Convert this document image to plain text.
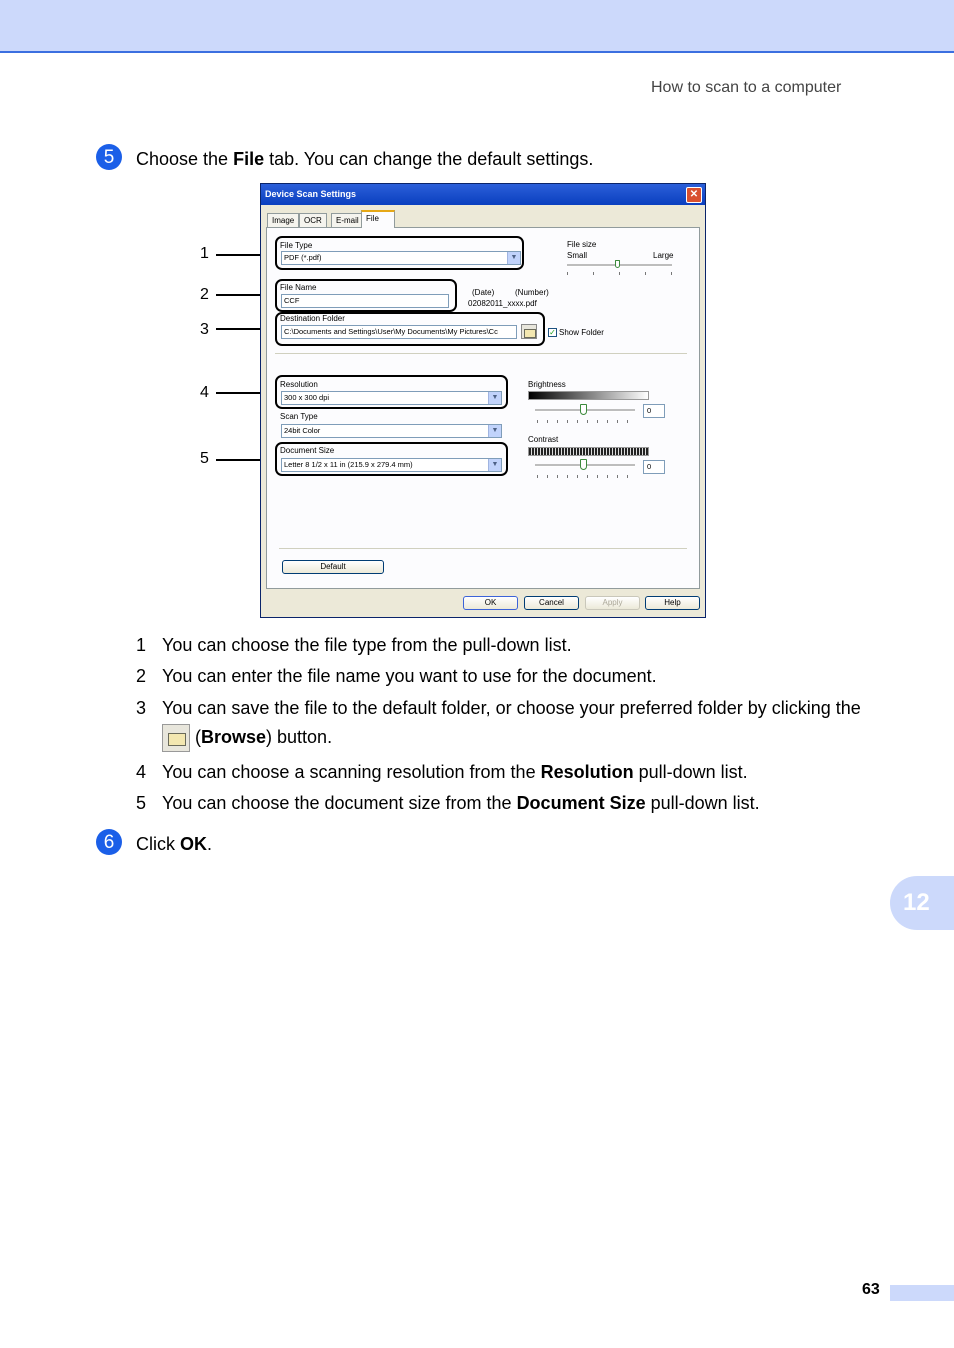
How to scan to a computer
5	Choose the File tab. You can change the default settings.
1
2
3
4
5
Device Scan Settings	✕
Image	OCR	E-mail File
File Type
PDF (*.pdf)	▼
File size
Small	Large
File Name
CCF
(Date)	(Number)
02082011_xxxx.pdf
Destination Folder
C:\Documents and Settings\User\My Documents\My Pictures\Cc	✓ Show Folder
Resolution
300 x 300 dpi	▼
Scan Type
24bit Color	▼
Document Size
Letter 8 1/2 x 11 in (215.9 x 279.4 mm)	▼
Brightness
0
Contrast
0
Default
OK	Cancel	Apply	Help
1 You can choose the file type from the pull-down list.
2 You can enter the file name you want to use for the document.
3 You can save the file to the default folder, or choose your preferred folder by clicking the
(Browse) button.
4 You can choose a scanning resolution from the Resolution pull-down list.
5 You can choose the document size from the Document Size pull-down list.
6	Click OK.
12
63
